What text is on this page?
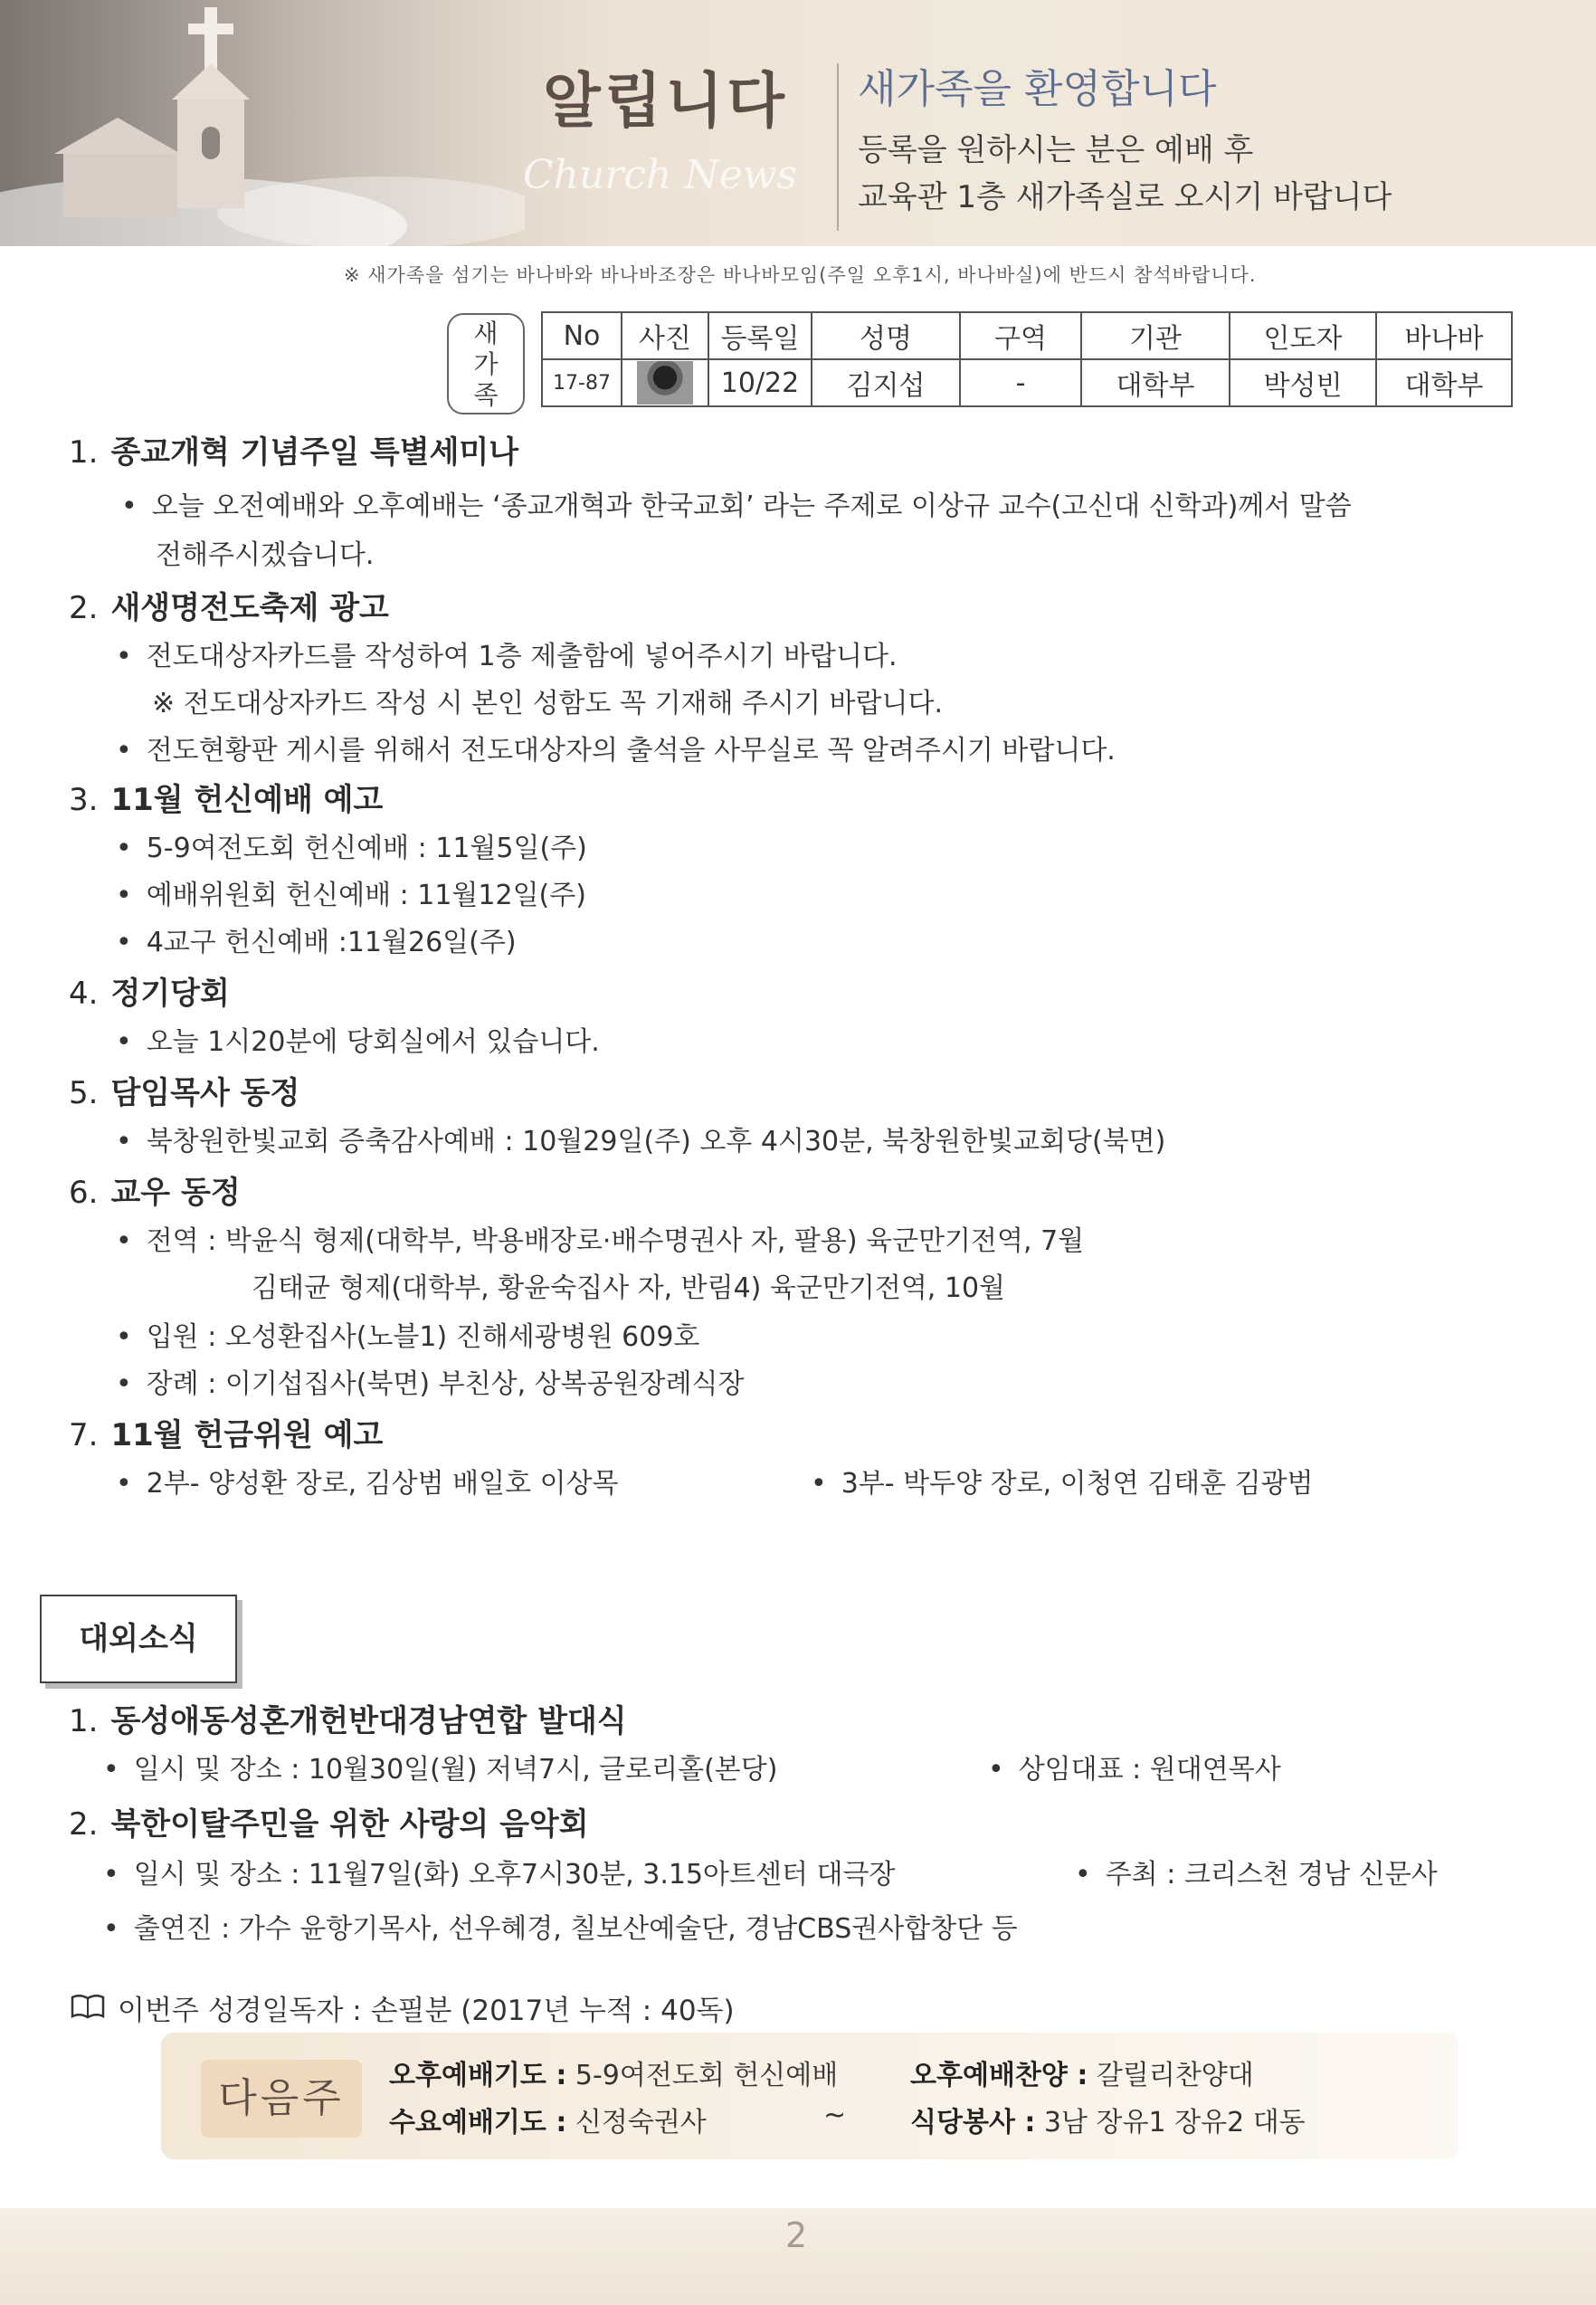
알립니다
Church News
새가족을 환영합니다
등록을 원하시는 분은 예배 후
교육관 1층 새가족실로 오시기 바랍니다
※ 새가족을 섬기는 바나바와 바나바조장은 바나바모임(주일 오후1시, 바나바실)에 반드시 참석바랍니다.
새
가
족
No	사진	등록일	성명	구역	기관	인도자	바나바
17-87		10/22	김지섭	-	대학부	박성빈	대학부
1. 종교개혁 기념주일 특별세미나
• 오늘 오전예배와 오후예배는 ‘종교개혁과 한국교회’ 라는 주제로 이상규 교수(고신대 신학과)께서 말씀
전해주시겠습니다.
2. 새생명전도축제 광고
• 전도대상자카드를 작성하여 1층 제출함에 넣어주시기 바랍니다.
※ 전도대상자카드 작성 시 본인 성함도 꼭 기재해 주시기 바랍니다.
• 전도현황판 게시를 위해서 전도대상자의 출석을 사무실로 꼭 알려주시기 바랍니다.
3. 11월 헌신예배 예고
• 5-9여전도회 헌신예배 : 11월5일(주)
• 예배위원회 헌신예배 : 11월12일(주)
• 4교구 헌신예배 :11월26일(주)
4. 정기당회
• 오늘 1시20분에 당회실에서 있습니다.
5. 담임목사 동정
• 북창원한빛교회 증축감사예배 : 10월29일(주) 오후 4시30분, 북창원한빛교회당(북면)
6. 교우 동정
• 전역 : 박윤식 형제(대학부, 박용배장로·배수명권사 자, 팔용) 육군만기전역, 7월
김태균 형제(대학부, 황윤숙집사 자, 반림4) 육군만기전역, 10월
• 입원 : 오성환집사(노블1) 진해세광병원 609호
• 장례 : 이기섭집사(북면) 부친상, 상복공원장례식장
7. 11월 헌금위원 예고
• 2부- 양성환 장로, 김상범 배일호 이상목	• 3부- 박두양 장로, 이청연 김태훈 김광범
대외소식
1. 동성애동성혼개헌반대경남연합 발대식
• 일시 및 장소 : 10월30일(월) 저녁7시, 글로리홀(본당)	• 상임대표 : 원대연목사
2. 북한이탈주민을 위한 사랑의 음악회
• 일시 및 장소 : 11월7일(화) 오후7시30분, 3.15아트센터 대극장	• 주최 : 크리스천 경남 신문사
• 출연진 : 가수 윤항기목사, 선우혜경, 칠보산예술단, 경남CBS권사합창단 등
이번주 성경일독자 : 손필분 (2017년 누적 : 40독)
다음주	오후예배기도 : 5-9여전도회 헌신예배	오후예배찬양 : 갈릴리찬양대
수요예배기도 : 신정숙권사	~ 식당봉사 : 3남 장유1 장유2 대동
2
